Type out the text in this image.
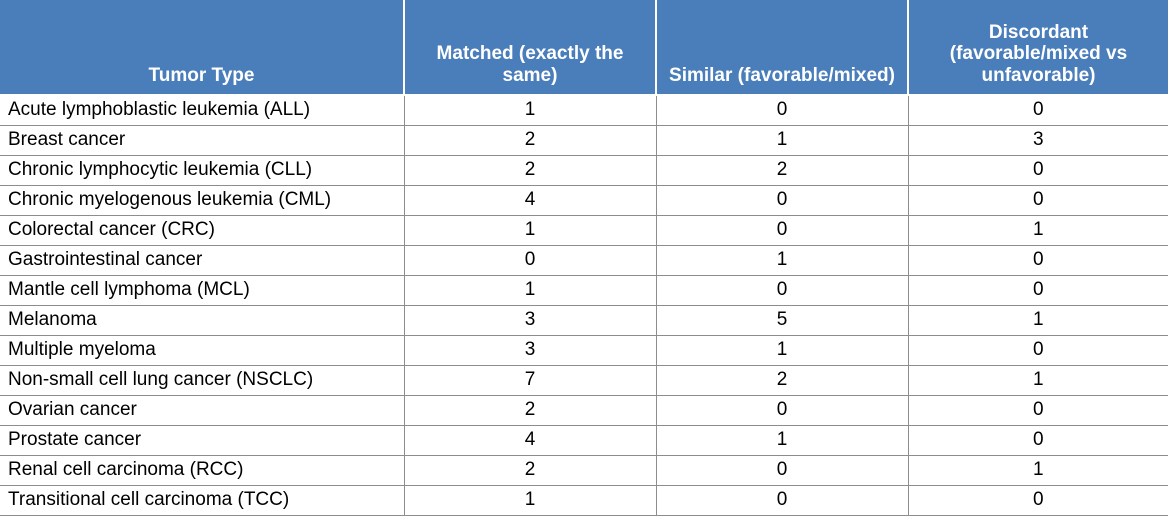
Tumor Type	Matched (exactly the same)	Similar (favorable/mixed)	Discordant (favorable/mixed vs unfavorable)
Acute lymphoblastic leukemia (ALL)	1	0	0
Breast cancer	2	1	3
Chronic lymphocytic leukemia (CLL)	2	2	0
Chronic myelogenous leukemia (CML)	4	0	0
Colorectal cancer (CRC)	1	0	1
Gastrointestinal cancer	0	1	0
Mantle cell lymphoma (MCL)	1	0	0
Melanoma	3	5	1
Multiple myeloma	3	1	0
Non-small cell lung cancer (NSCLC)	7	2	1
Ovarian cancer	2	0	0
Prostate cancer	4	1	0
Renal cell carcinoma (RCC)	2	0	1
Transitional cell carcinoma (TCC)	1	0	0
